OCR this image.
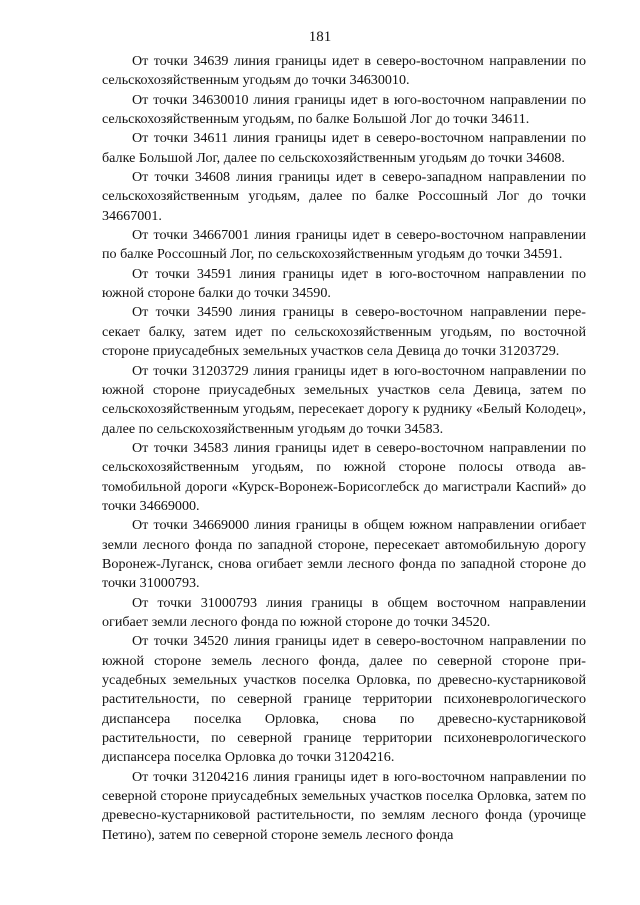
181

От точки 34639 линия границы идет в северо-восточном направлении по сельскохозяйственным угодьям до точки 34630010.

От точки 34630010 линия границы идет в юго-восточном направлении по сельскохозяйственным угодьям, по балке Большой Лог до точки 34611.

От точки 34611 линия границы идет в северо-восточном направлении по балке Большой Лог, далее по сельскохозяйственным угодьям до точки 34608.

От точки 34608 линия границы идет в северо-западном направлении по сельскохозяйственным угодьям, далее по балке Россошный Лог до точки 34667001.

От точки 34667001 линия границы идет в северо-восточном направлении по балке Россошный Лог, по сельскохозяйственным угодьям до точки 34591.

От точки 34591 линия границы идет в юго-восточном направлении по южной стороне балки до точки 34590.

От точки 34590 линия границы в северо-восточном направлении пересекает балку, затем идет по сельскохозяйственным угодьям, по восточной стороне приусадебных земельных участков села Девица до точки 31203729.

От точки 31203729 линия границы идет в юго-восточном направлении по южной стороне приусадебных земельных участков села Девица, затем по сельскохозяйственным угодьям, пересекает дорогу к руднику «Белый Колодец», далее по сельскохозяйственным угодьям до точки 34583.

От точки 34583 линия границы идет в северо-восточном направлении по сельскохозяйственным угодьям, по южной стороне полосы отвода автомобильной дороги «Курск-Воронеж-Борисоглебск до магистрали Каспий» до точки 34669000.

От точки 34669000 линия границы в общем южном направлении огибает земли лесного фонда по западной стороне, пересекает автомобильную дорогу Воронеж-Луганск, снова огибает земли лесного фонда по западной стороне до точки 31000793.

От точки 31000793 линия границы в общем восточном направлении огибает земли лесного фонда по южной стороне до точки 34520.

От точки 34520 линия границы идет в северо-восточном направлении по южной стороне земель лесного фонда, далее по северной стороне приусадебных земельных участков поселка Орловка, по древесно-кустарниковой растительности, по северной границе территории психоневрологического диспансера поселка Орловка, снова по древесно-кустарниковой растительности, по северной границе территории психоневрологического диспансера поселка Орловка до точки 31204216.

От точки 31204216 линия границы идет в юго-восточном направлении по северной стороне приусадебных земельных участков поселка Орловка, затем по древесно-кустарниковой растительности, по землям лесного фонда (урочище Петино), затем по северной стороне земель лесного фонда
